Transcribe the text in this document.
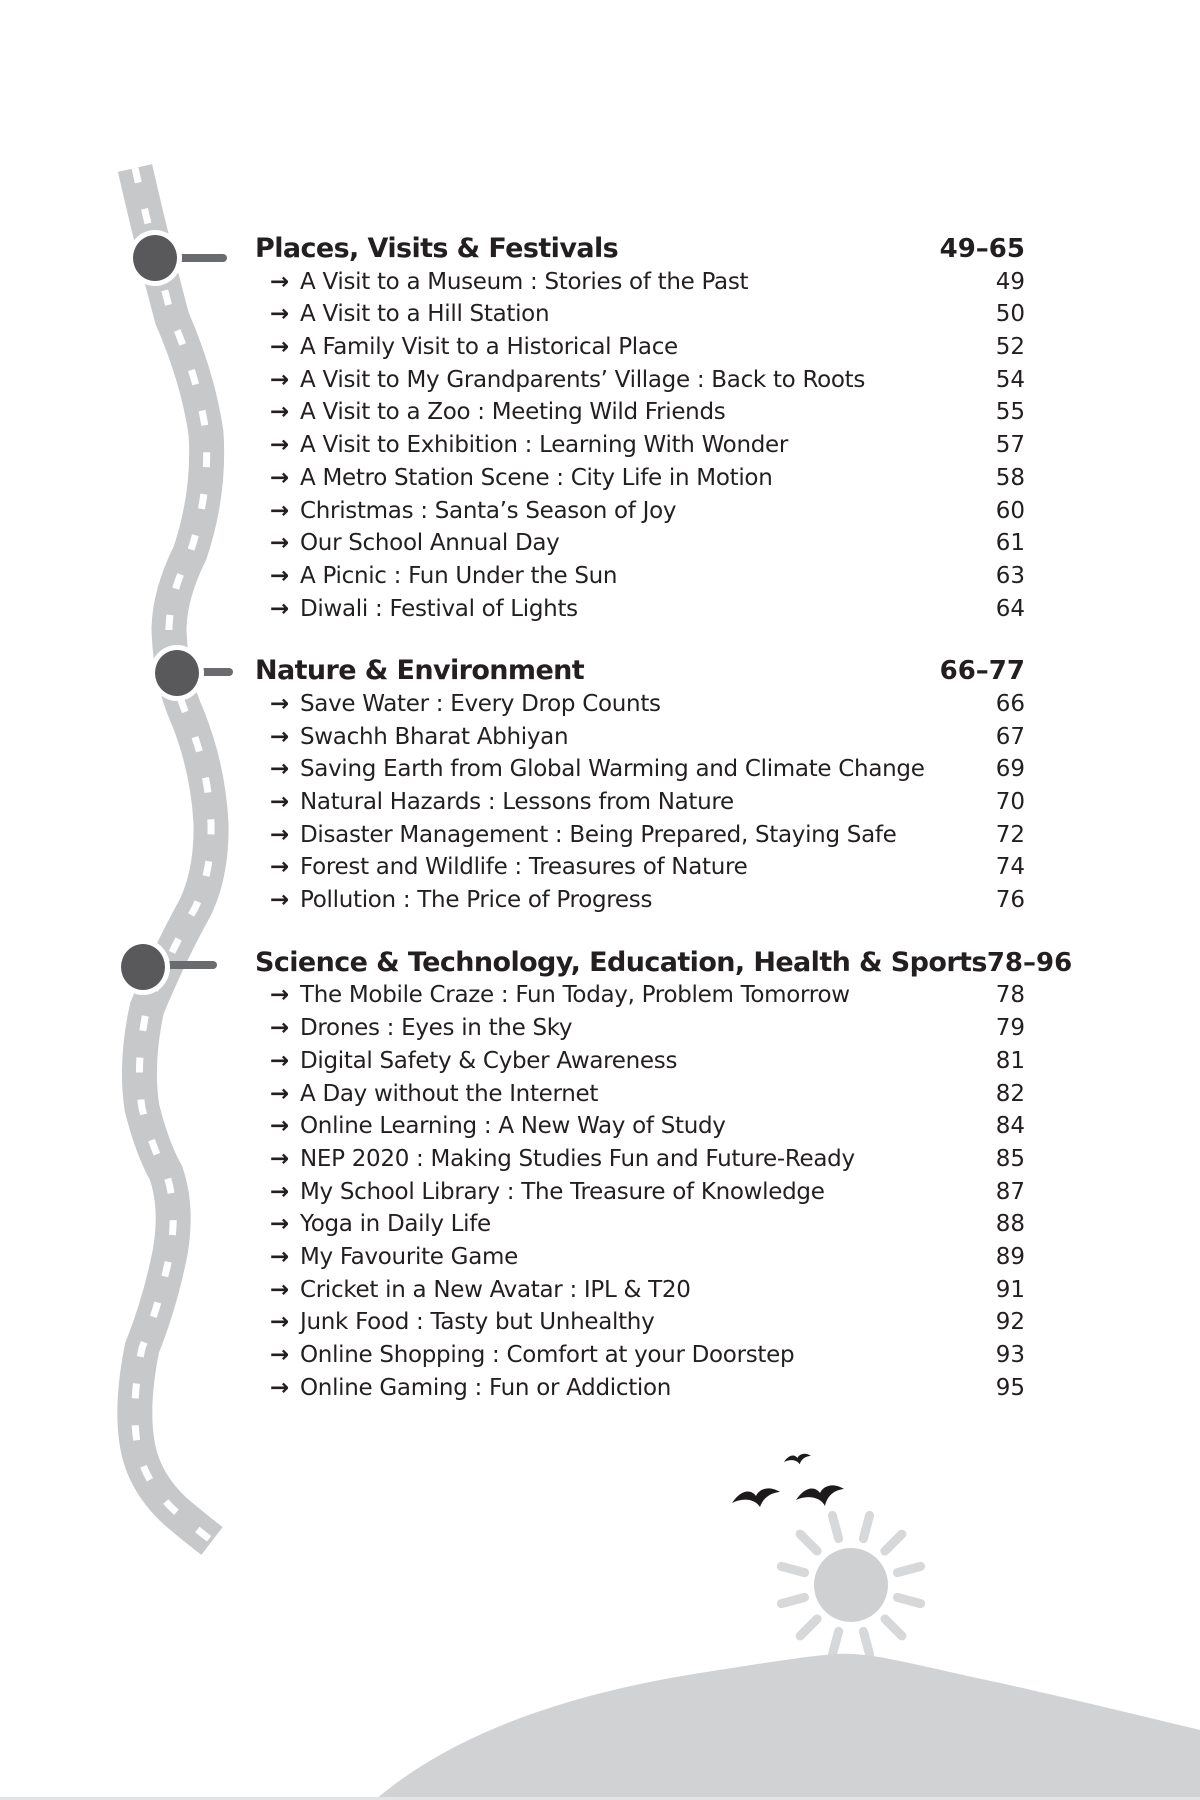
Places, Visits & Festivals	49–65
→ A Visit to a Museum : Stories of the Past	49
→ A Visit to a Hill Station	50
→ A Family Visit to a Historical Place	52
→ A Visit to My Grandparents’ Village : Back to Roots	54
→ A Visit to a Zoo : Meeting Wild Friends	55
→ A Visit to Exhibition : Learning With Wonder	57
→ A Metro Station Scene : City Life in Motion	58
→ Christmas : Santa’s Season of Joy	60
→ Our School Annual Day	61
→ A Picnic : Fun Under the Sun	63
→ Diwali : Festival of Lights	64
Nature & Environment	66–77
→ Save Water : Every Drop Counts	66
→ Swachh Bharat Abhiyan	67
→ Saving Earth from Global Warming and Climate Change	69
→ Natural Hazards : Lessons from Nature	70
→ Disaster Management : Being Prepared, Staying Safe	72
→ Forest and Wildlife : Treasures of Nature	74
→ Pollution : The Price of Progress	76
Science & Technology, Education, Health & Sports 78–96
→ The Mobile Craze : Fun Today, Problem Tomorrow	78
→ Drones : Eyes in the Sky	79
→ Digital Safety & Cyber Awareness	81
→ A Day without the Internet	82
→ Online Learning : A New Way of Study	84
→ NEP 2020 : Making Studies Fun and Future-Ready	85
→ My School Library : The Treasure of Knowledge	87
→ Yoga in Daily Life	88
→ My Favourite Game	89
→ Cricket in a New Avatar : IPL & T20	91
→ Junk Food : Tasty but Unhealthy	92
→ Online Shopping : Comfort at your Doorstep	93
→ Online Gaming : Fun or Addiction	95
